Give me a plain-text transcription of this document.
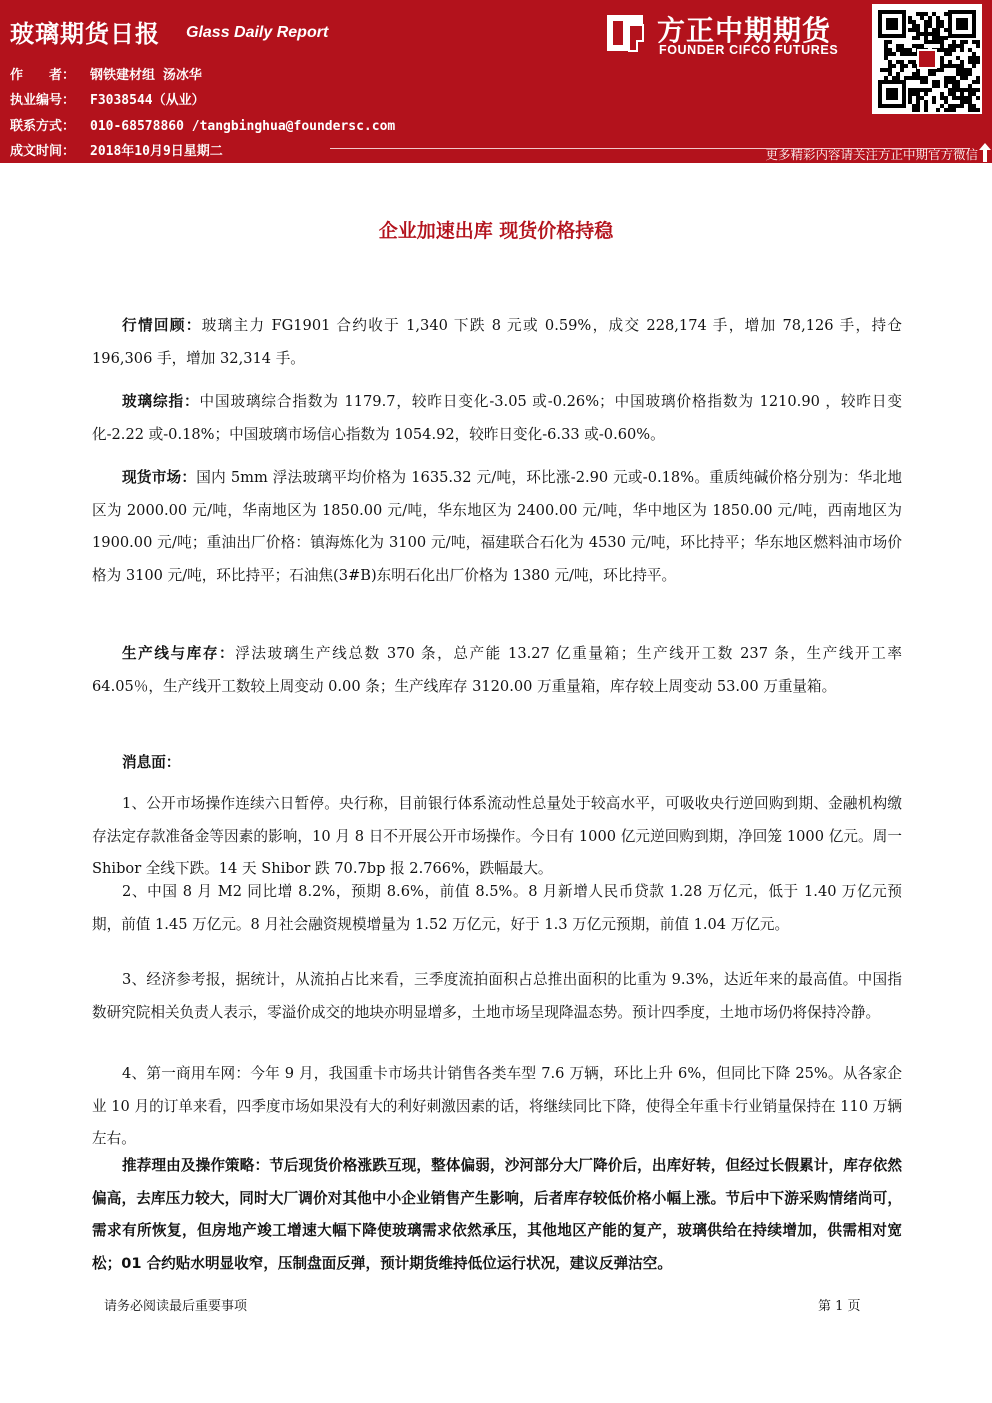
玻璃期货日报 Glass Daily Report
作　　者： 钢铁建材组 汤冰华
执业编号： F3038544（从业）
联系方式： 010-68578860 /tangbinghua@foundersc.com
成文时间： 2018年10月9日星期二
方正中期期货
FOUNDER CIFCO FUTURES
更多精彩内容请关注方正中期官方微信
企业加速出库 现货价格持稳
行情回顾：玻璃主力 FG1901 合约收于 1,340 下跌 8 元或 0.59%，成交 228,174 手，增加 78,126 手，持仓 196,306 手，增加 32,314 手。
玻璃综指：中国玻璃综合指数为 1179.7，较昨日变化-3.05 或-0.26%；中国玻璃价格指数为 1210.90 ，较昨日变化-2.22 或-0.18%；中国玻璃市场信心指数为 1054.92，较昨日变化-6.33 或-0.60%。
现货市场：国内 5mm 浮法玻璃平均价格为 1635.32 元/吨，环比涨-2.90 元或-0.18%。重质纯碱价格分别为：华北地区为 2000.00 元/吨，华南地区为 1850.00 元/吨，华东地区为 2400.00 元/吨，华中地区为 1850.00 元/吨，西南地区为 1900.00 元/吨；重油出厂价格：镇海炼化为 3100 元/吨，福建联合石化为 4530 元/吨，环比持平；华东地区燃料油市场价格为 3100 元/吨，环比持平；石油焦(3#B)东明石化出厂价格为 1380 元/吨，环比持平。
生产线与库存：浮法玻璃生产线总数 370 条，总产能 13.27 亿重量箱；生产线开工数 237 条，生产线开工率 64.05％，生产线开工数较上周变动 0.00 条；生产线库存 3120.00 万重量箱，库存较上周变动 53.00 万重量箱。
消息面：
1、公开市场操作连续六日暂停。央行称，目前银行体系流动性总量处于较高水平，可吸收央行逆回购到期、金融机构缴存法定存款准备金等因素的影响，10 月 8 日不开展公开市场操作。今日有 1000 亿元逆回购到期，净回笼 1000 亿元。周一 Shibor 全线下跌。14 天 Shibor 跌 70.7bp 报 2.766%，跌幅最大。
2、中国 8 月 M2 同比增 8.2%，预期 8.6%，前值 8.5%。8 月新增人民币贷款 1.28 万亿元，低于 1.40 万亿元预期，前值 1.45 万亿元。8 月社会融资规模增量为 1.52 万亿元，好于 1.3 万亿元预期，前值 1.04 万亿元。
3、经济参考报，据统计，从流拍占比来看，三季度流拍面积占总推出面积的比重为 9.3%，达近年来的最高值。中国指数研究院相关负责人表示，零溢价成交的地块亦明显增多，土地市场呈现降温态势。预计四季度，土地市场仍将保持冷静。
4、第一商用车网：今年 9 月，我国重卡市场共计销售各类车型 7.6 万辆，环比上升 6%，但同比下降 25%。从各家企业 10 月的订单来看，四季度市场如果没有大的利好刺激因素的话，将继续同比下降，使得全年重卡行业销量保持在 110 万辆左右。
推荐理由及操作策略：节后现货价格涨跌互现，整体偏弱，沙河部分大厂降价后，出库好转，但经过长假累计，库存依然偏高，去库压力较大，同时大厂调价对其他中小企业销售产生影响，后者库存较低价格小幅上涨。节后中下游采购情绪尚可，需求有所恢复，但房地产竣工增速大幅下降使玻璃需求依然承压，其他地区产能的复产，玻璃供给在持续增加，供需相对宽松；01 合约贴水明显收窄，压制盘面反弹，预计期货维持低位运行状况，建议反弹沽空。
请务必阅读最后重要事项	第 1 页
